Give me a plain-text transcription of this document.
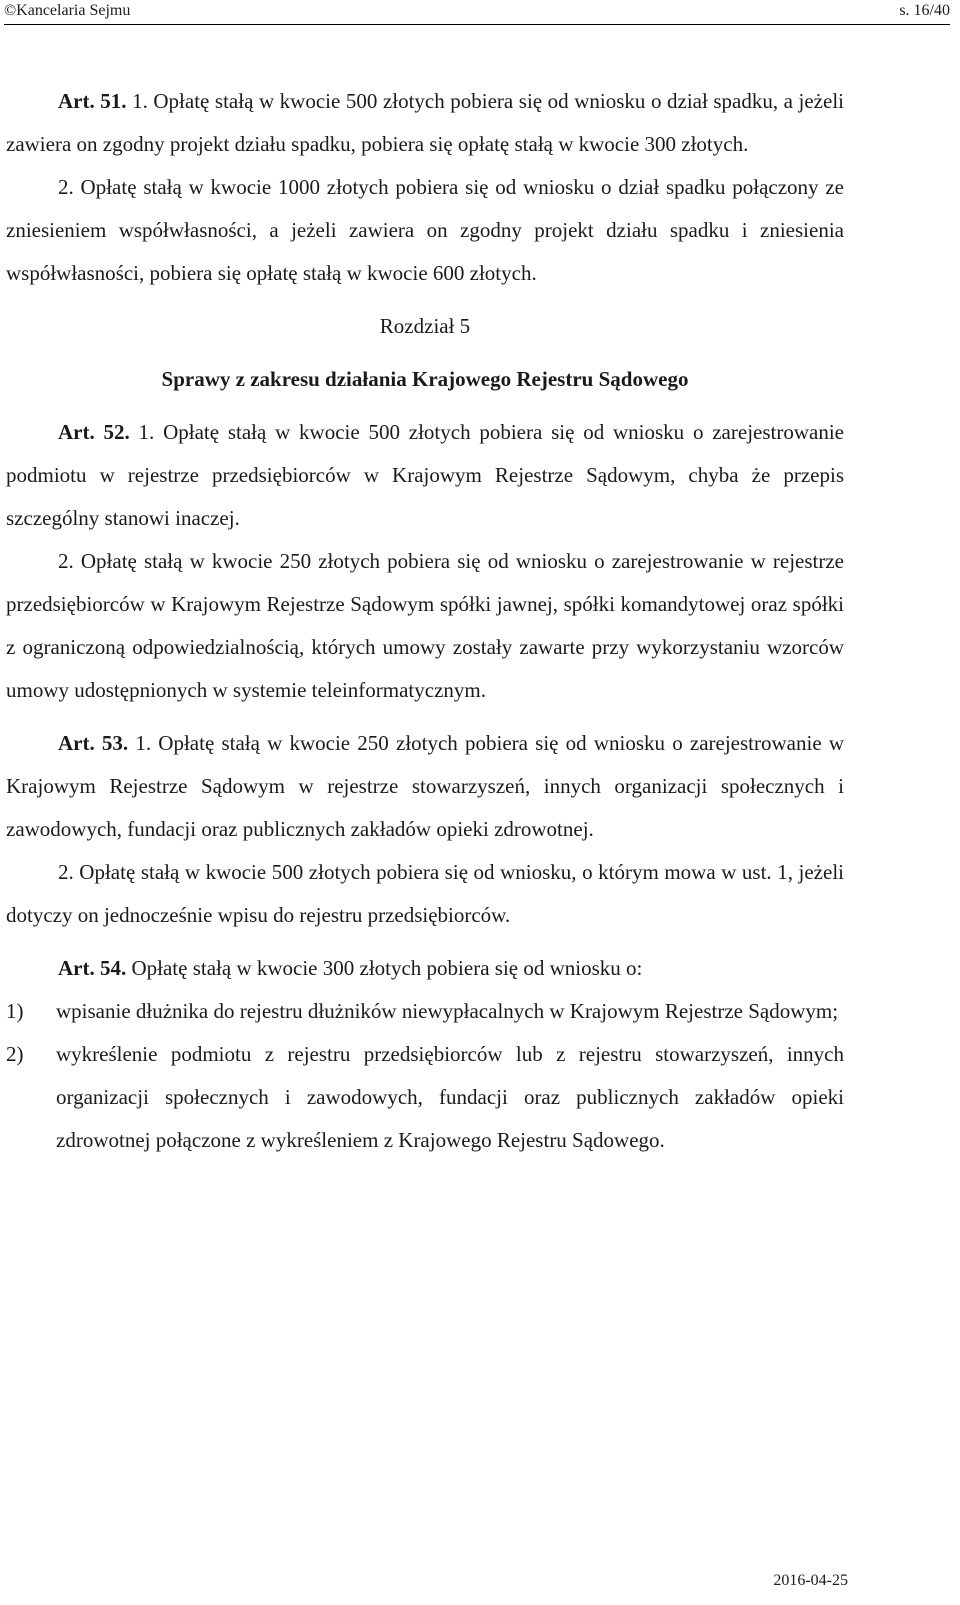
©Kancelaria Sejmu	s. 16/40

Art. 51. 1. Opłatę stałą w kwocie 500 złotych pobiera się od wniosku o dział spadku, a jeżeli zawiera on zgodny projekt działu spadku, pobiera się opłatę stałą w kwocie 300 złotych.

2. Opłatę stałą w kwocie 1000 złotych pobiera się od wniosku o dział spadku połączony ze zniesieniem współwłasności, a jeżeli zawiera on zgodny projekt działu spadku i zniesienia współwłasności, pobiera się opłatę stałą w kwocie 600 złotych.

Rozdział 5

Sprawy z zakresu działania Krajowego Rejestru Sądowego

Art. 52. 1. Opłatę stałą w kwocie 500 złotych pobiera się od wniosku o zarejestrowanie podmiotu w rejestrze przedsiębiorców w Krajowym Rejestrze Sądowym, chyba że przepis szczególny stanowi inaczej.

2. Opłatę stałą w kwocie 250 złotych pobiera się od wniosku o zarejestrowanie w rejestrze przedsiębiorców w Krajowym Rejestrze Sądowym spółki jawnej, spółki komandytowej oraz spółki z ograniczoną odpowiedzialnością, których umowy zostały zawarte przy wykorzystaniu wzorców umowy udostępnionych w systemie teleinformatycznym.

Art. 53. 1. Opłatę stałą w kwocie 250 złotych pobiera się od wniosku o zarejestrowanie w Krajowym Rejestrze Sądowym w rejestrze stowarzyszeń, innych organizacji społecznych i zawodowych, fundacji oraz publicznych zakładów opieki zdrowotnej.

2. Opłatę stałą w kwocie 500 złotych pobiera się od wniosku, o którym mowa w ust. 1, jeżeli dotyczy on jednocześnie wpisu do rejestru przedsiębiorców.

Art. 54. Opłatę stałą w kwocie 300 złotych pobiera się od wniosku o:

1) wpisanie dłużnika do rejestru dłużników niewypłacalnych w Krajowym Rejestrze Sądowym;
2) wykreślenie podmiotu z rejestru przedsiębiorców lub z rejestru stowarzyszeń, innych organizacji społecznych i zawodowych, fundacji oraz publicznych zakładów opieki zdrowotnej połączone z wykreśleniem z Krajowego Rejestru Sądowego.
2016-04-25
